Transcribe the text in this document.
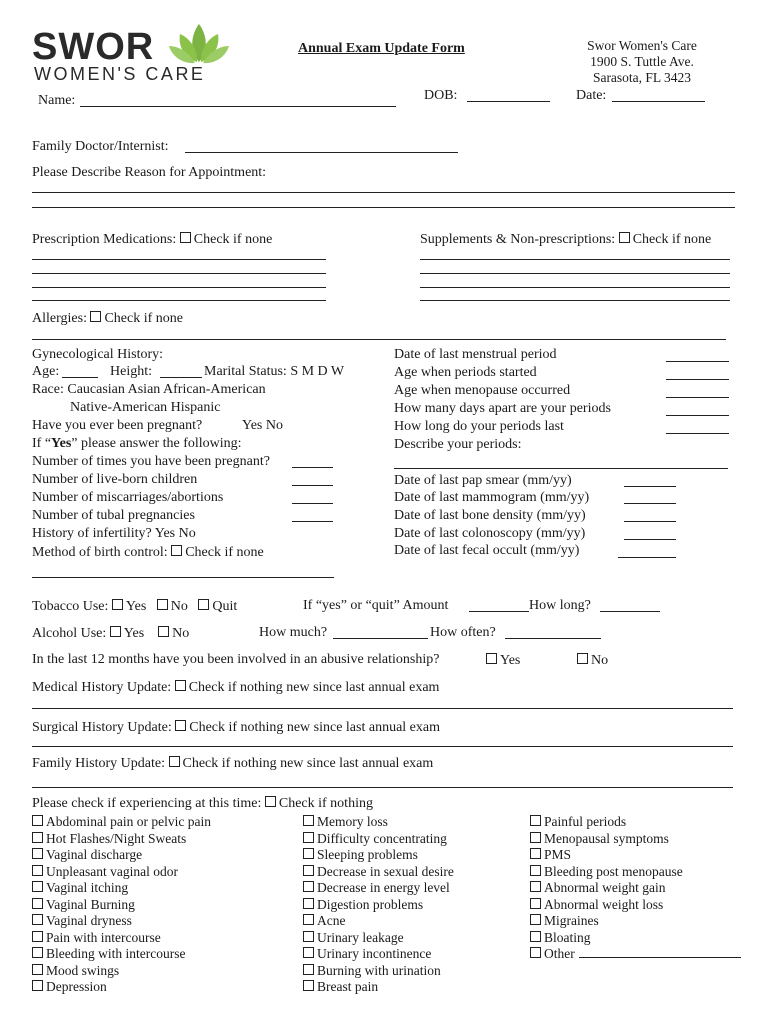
SWOR
WOMEN'S CARE
Annual Exam Update Form	Swor Women's Care
1900 S. Tuttle Ave.
Sarasota, FL 3423
Name:	DOB:	Date:
Family Doctor/Internist:
Please Describe Reason for Appointment:
Prescription Medications: Check if none	Supplements & Non-prescriptions: Check if none
Allergies: Check if none
Gynecological History:
Age:	Height:	Marital Status: S M D W
Race: Caucasian Asian African-American
Native-American Hispanic
Have you ever been pregnant?	Yes No
If “Yes” please answer the following:
Number of times you have been pregnant?
Number of live-born children
Number of miscarriages/abortions
Number of tubal pregnancies
History of infertility? Yes No
Method of birth control: Check if none
Date of last menstrual period
Age when periods started
Age when menopause occurred
How many days apart are your periods
How long do your periods last
Describe your periods:
Date of last pap smear (mm/yy)
Date of last mammogram (mm/yy)
Date of last bone density (mm/yy)
Date of last colonoscopy (mm/yy)
Date of last fecal occult (mm/yy)
Tobacco Use: Yes No Quit	If “yes” or “quit” Amount	How long?
Alcohol Use: Yes No	How much?	How often?
In the last 12 months have you been involved in an abusive relationship?	Yes	No
Medical History Update: Check if nothing new since last annual exam
Surgical History Update: Check if nothing new since last annual exam
Family History Update: Check if nothing new since last annual exam
Please check if experiencing at this time: Check if nothing
Abdominal pain or pelvic pain
Hot Flashes/Night Sweats
Vaginal discharge
Unpleasant vaginal odor
Vaginal itching
Vaginal Burning
Vaginal dryness
Pain with intercourse
Bleeding with intercourse
Mood swings
Depression
Memory loss
Difficulty concentrating
Sleeping problems
Decrease in sexual desire
Decrease in energy level
Digestion problems
Acne
Urinary leakage
Urinary incontinence
Burning with urination
Breast pain
Painful periods
Menopausal symptoms
PMS
Bleeding post menopause
Abnormal weight gain
Abnormal weight loss
Migraines
Bloating
Other
